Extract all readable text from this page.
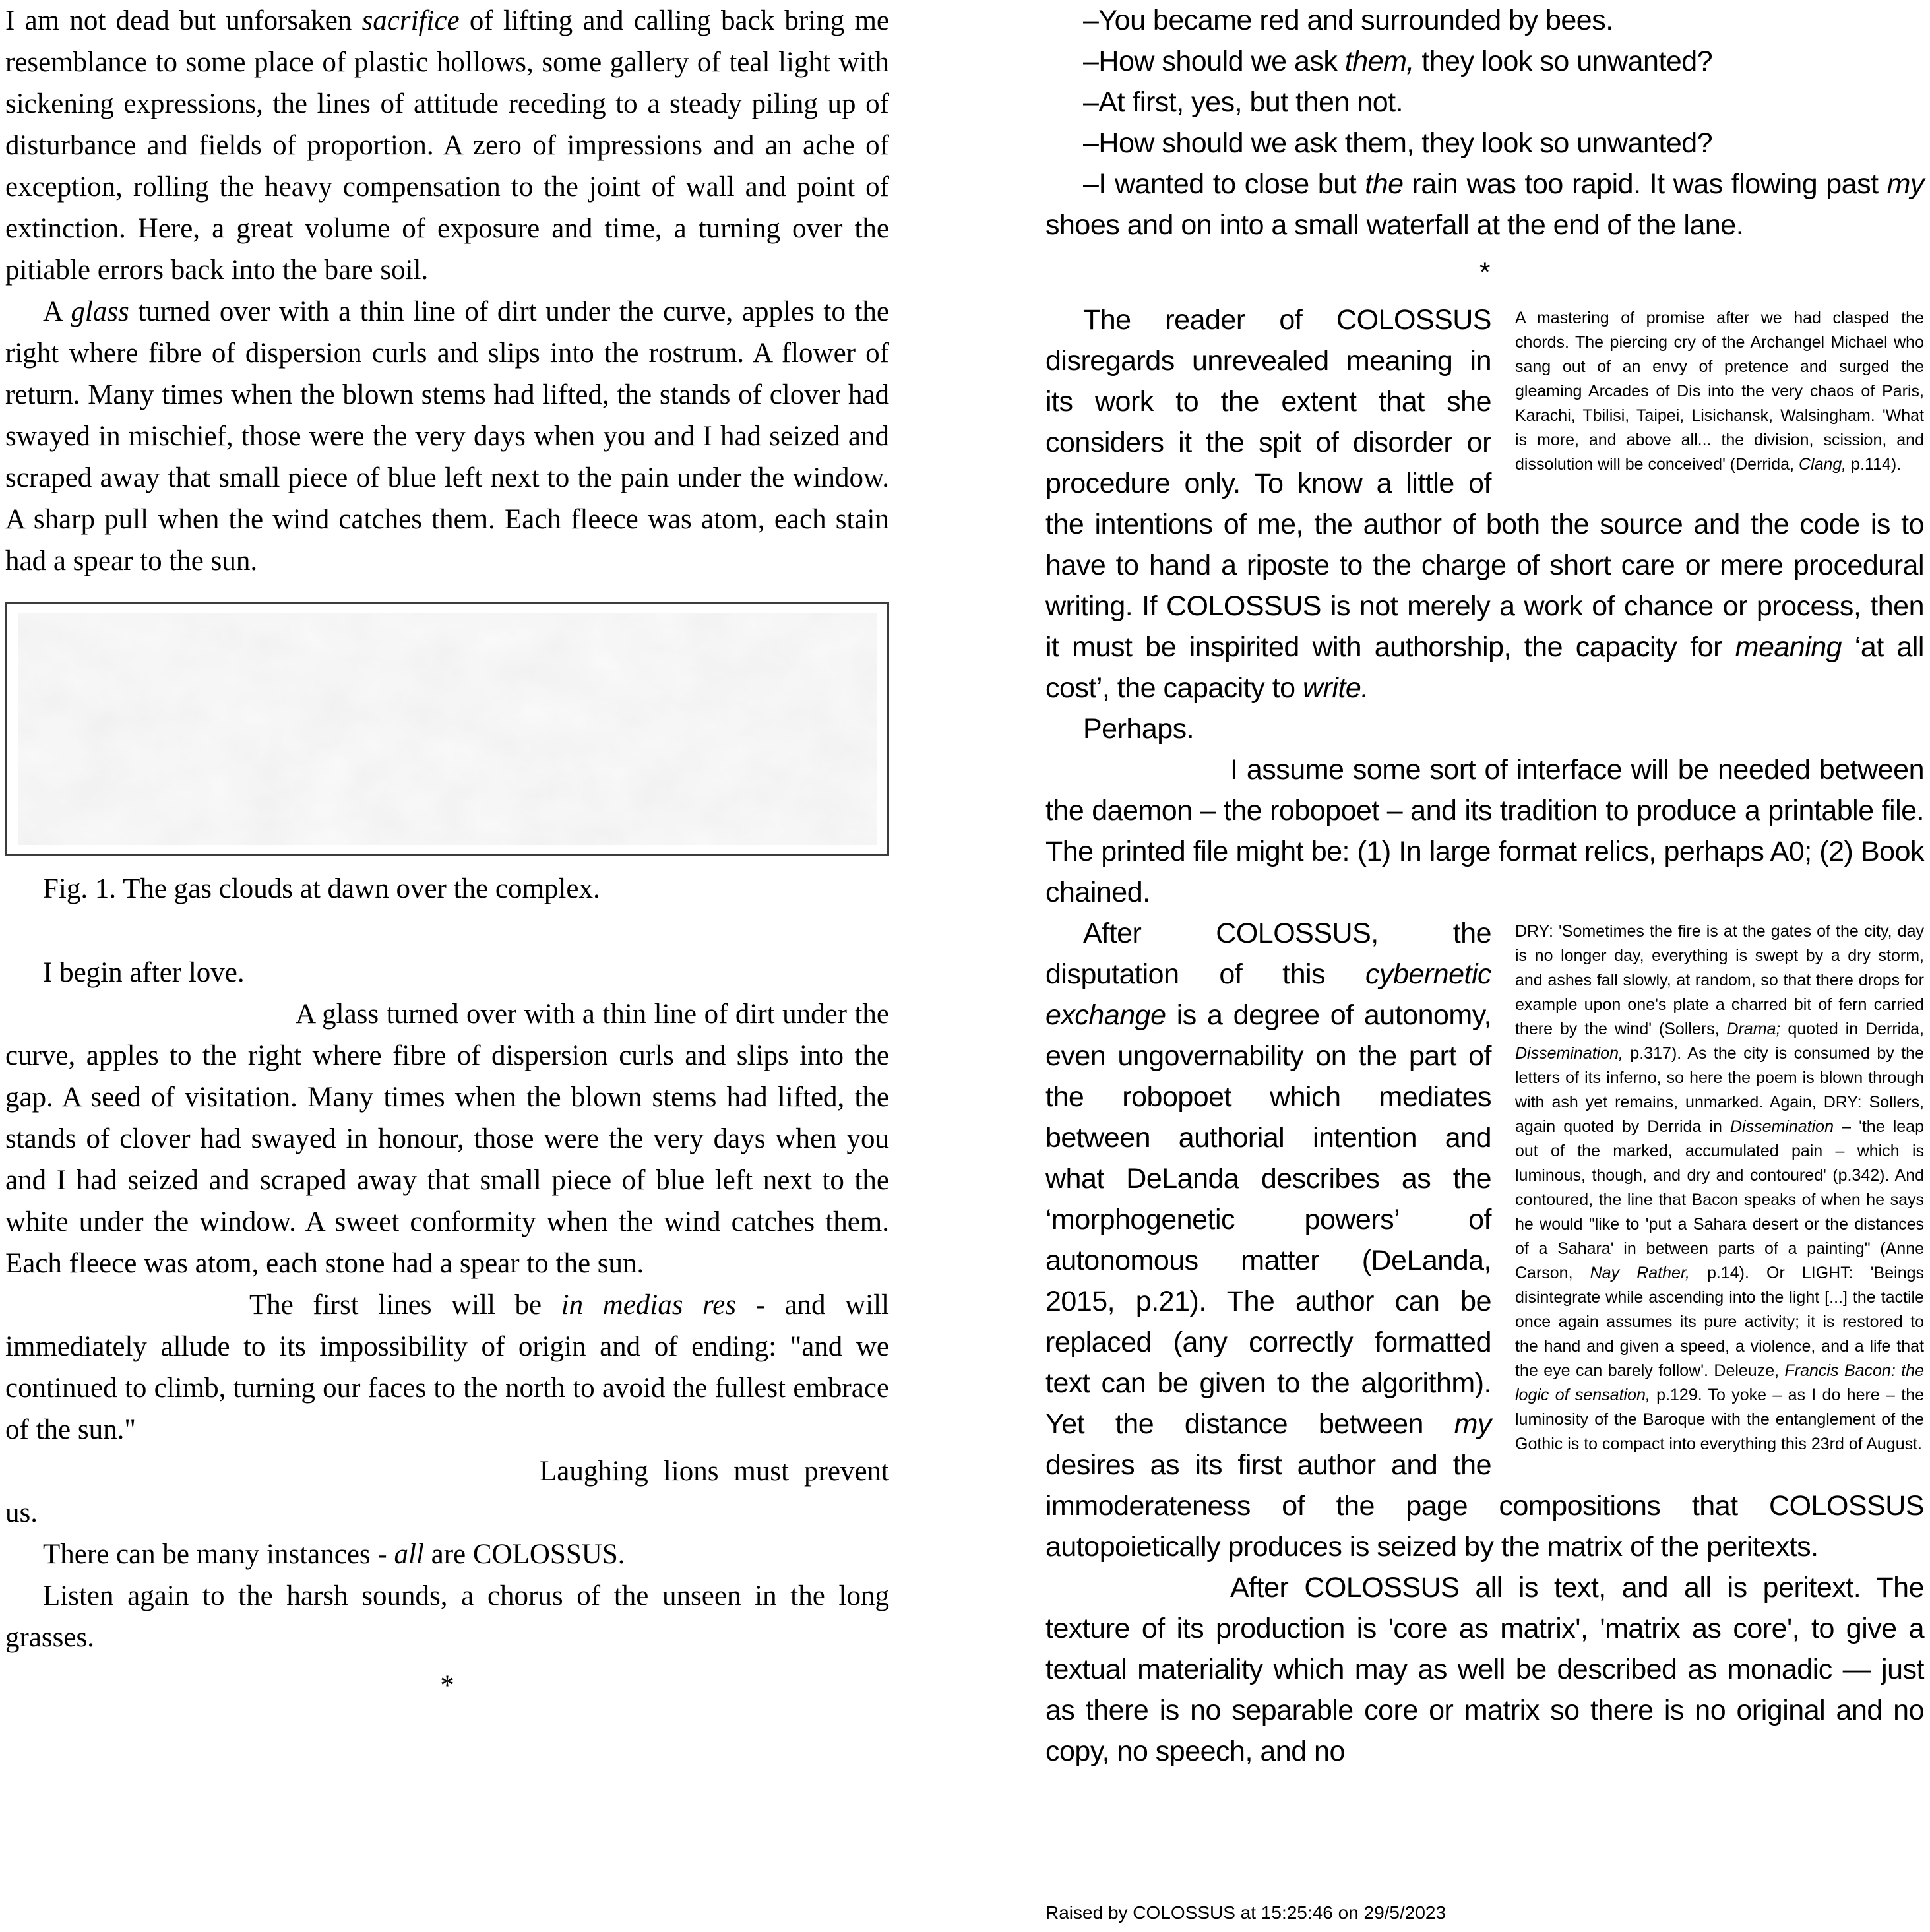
I am not dead but unforsaken sacrifice of lifting and calling back bring me resemblance to some place of plastic hollows, some gallery of teal light with sickening expressions, the lines of attitude receding to a steady piling up of disturbance and fields of proportion. A zero of impressions and an ache of exception, rolling the heavy compensation to the joint of wall and point of extinction. Here, a great volume of exposure and time, a turning over the pitiable errors back into the bare soil.

A glass turned over with a thin line of dirt under the curve, apples to the right where fibre of dispersion curls and slips into the rostrum. A flower of return. Many times when the blown stems had lifted, the stands of clover had swayed in mischief, those were the very days when you and I had seized and scraped away that small piece of blue left next to the pain under the window. A sharp pull when the wind catches them. Each fleece was atom, each stain had a spear to the sun.

Fig. 1. The gas clouds at dawn over the complex.

I begin after love.

A glass turned over with a thin line of dirt under the curve, apples to the right where fibre of dispersion curls and slips into the gap. A seed of visitation. Many times when the blown stems had lifted, the stands of clover had swayed in honour, those were the very days when you and I had seized and scraped away that small piece of blue left next to the white under the window. A sweet conformity when the wind catches them. Each fleece was atom, each stone had a spear to the sun.

The first lines will be in medias res - and will immediately allude to its impossibility of origin and of ending: "and we continued to climb, turning our faces to the north to avoid the fullest embrace of the sun."

Laughing lions must prevent us.

There can be many instances - all are COLOSSUS.

Listen again to the harsh sounds, a chorus of the unseen in the long grasses.

*

–You became red and surrounded by bees.

–How should we ask them, they look so unwanted?

–At first, yes, but then not.

–How should we ask them, they look so unwanted?

–I wanted to close but the rain was too rapid. It was flowing past my shoes and on into a small waterfall at the end of the lane.

*

A mastering of promise after we had clasped the chords. The piercing cry of the Archangel Michael who sang out of an envy of pretence and surged the gleaming Arcades of Dis into the very chaos of Paris, Karachi, Tbilisi, Taipei, Lisichansk, Walsingham. 'What is more, and above all... the division, scission, and dissolution will be conceived' (Derrida, Clang, p.114).
The reader of COLOSSUS disregards unrevealed meaning in its work to the extent that she considers it the spit of disorder or procedure only. To know a little of the intentions of me, the author of both the source and the code is to have to hand a riposte to the charge of short care or mere procedural writing. If COLOSSUS is not merely a work of chance or process, then it must be inspirited with authorship, the capacity for meaning ‘at all cost’, the capacity to write.

Perhaps.

I assume some sort of interface will be needed between the daemon – the robopoet – and its tradition to produce a printable file. The printed file might be: (1) In large format relics, perhaps A0; (2) Book chained.

DRY: 'Sometimes the fire is at the gates of the city, day is no longer day, everything is swept by a dry storm, and ashes fall slowly, at random, so that there drops for example upon one's plate a charred bit of fern carried there by the wind' (Sollers, Drama; quoted in Derrida, Dissemination, p.317). As the city is consumed by the letters of its inferno, so here the poem is blown through with ash yet remains, unmarked. Again, DRY: Sollers, again quoted by Derrida in Dissemination – 'the leap out of the marked, accumulated pain – which is luminous, though, and dry and contoured' (p.342). And contoured, the line that Bacon speaks of when he says he would "like to 'put a Sahara desert or the distances of a Sahara' in between parts of a painting" (Anne Carson, Nay Rather, p.14). Or LIGHT: 'Beings disintegrate while ascending into the light [...] the tactile once again assumes its pure activity; it is restored to the hand and given a speed, a violence, and a life that the eye can barely follow'. Deleuze, Francis Bacon: the logic of sensation, p.129. To yoke – as I do here – the luminosity of the Baroque with the entanglement of the Gothic is to compact into everything this 23rd of August.
After COLOSSUS, the disputation of this cybernetic exchange is a degree of autonomy, even ungovernability on the part of the robopoet which mediates between authorial intention and what DeLanda describes as the ‘morphogenetic powers’ of autonomous matter (DeLanda, 2015, p.21). The author can be replaced (any correctly formatted text can be given to the algorithm). Yet the distance between my desires as its first author and the immoderateness of the page compositions that COLOSSUS autopoietically produces is seized by the matrix of the peritexts.

After COLOSSUS all is text, and all is peritext. The texture of its production is 'core as matrix', 'matrix as core', to give a textual materiality which may as well be described as monadic — just as there is no separable core or matrix so there is no original and no copy, no speech, and no

Raised by COLOSSUS at 15:25:46 on 29/5/2023
